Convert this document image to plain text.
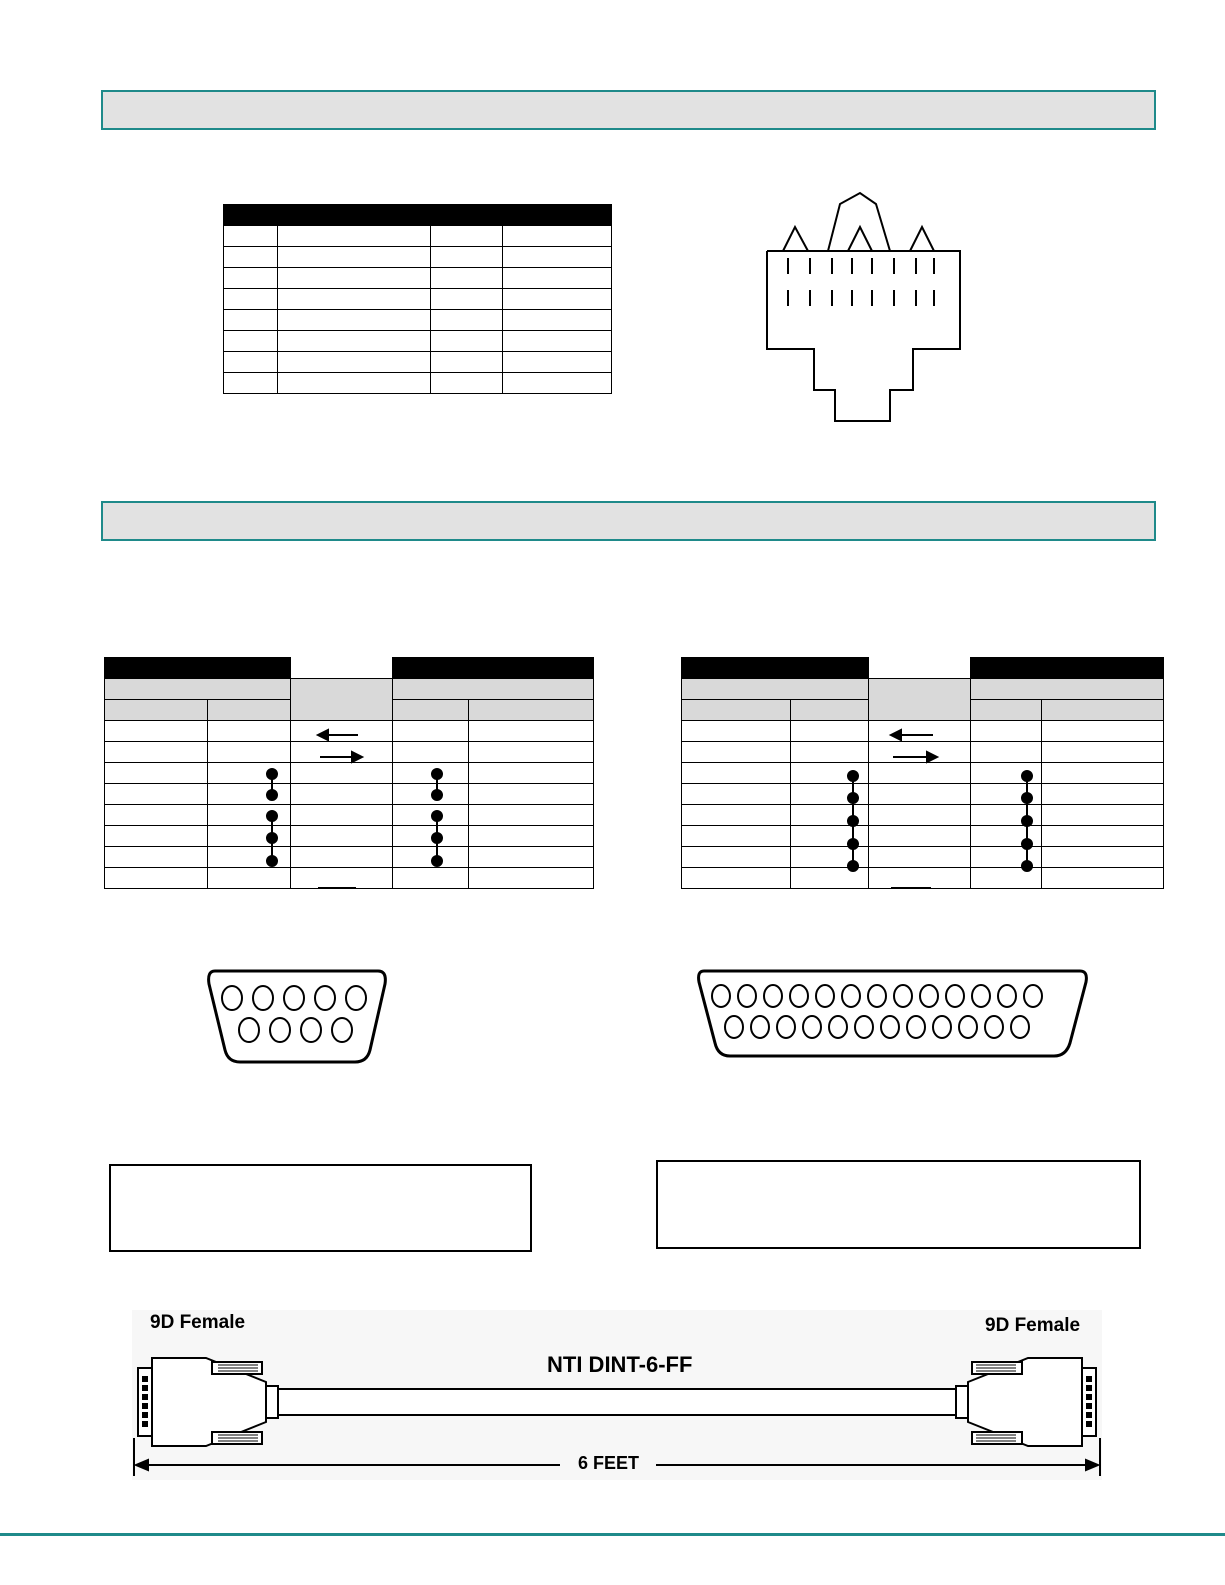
9D Female	9D Female
NTI DINT-6-FF
6 FEET
